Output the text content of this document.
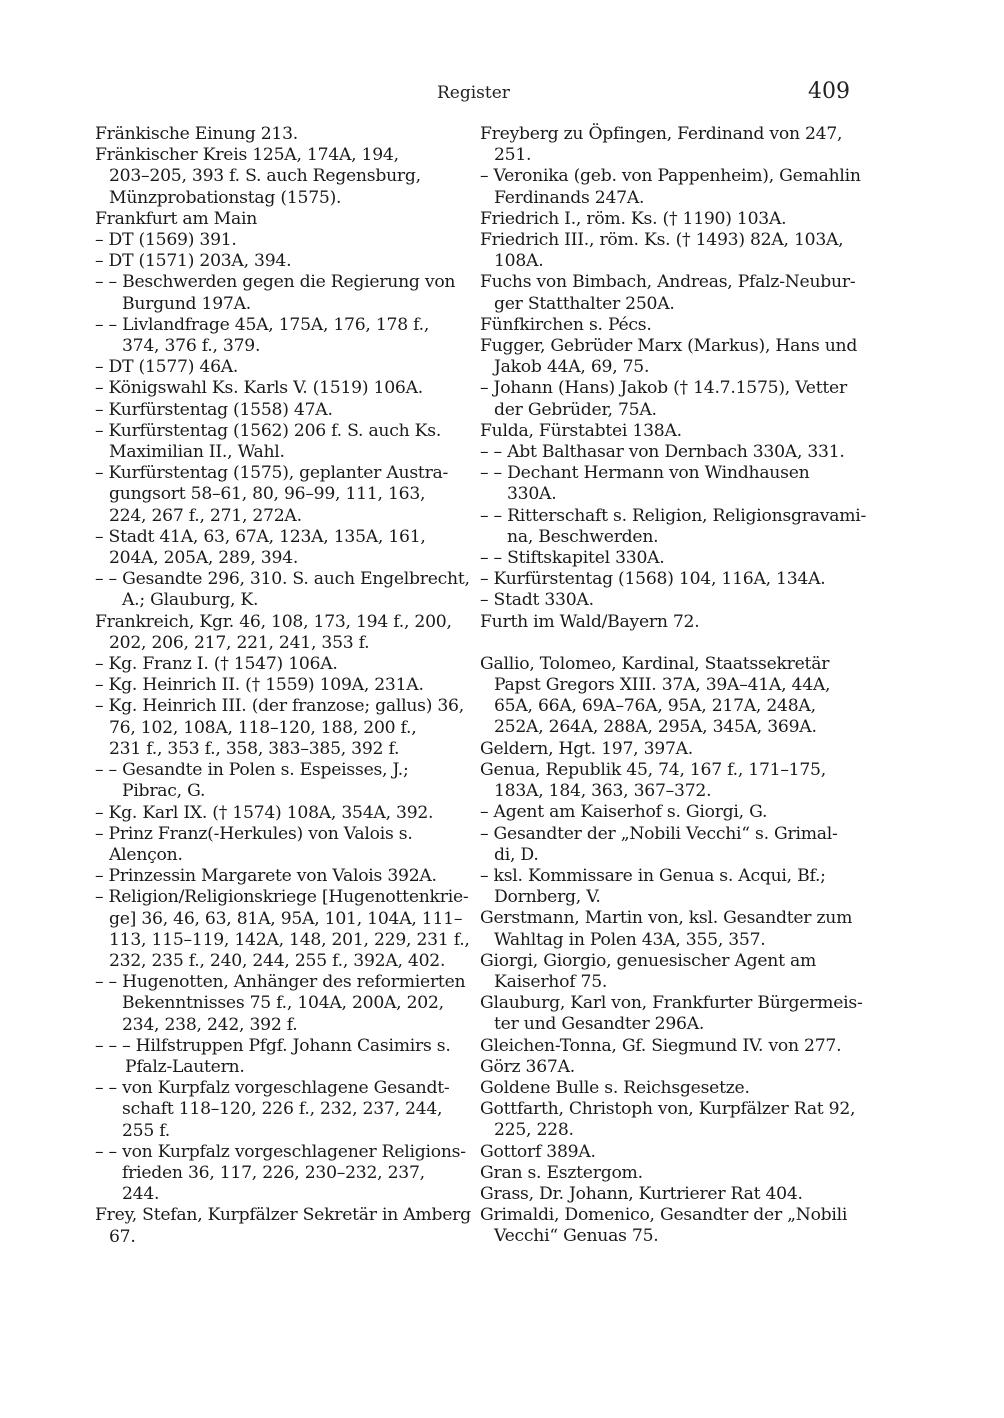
Register	409
Fränkische Einung 213.
Fränkischer Kreis 125A, 174A, 194,
203–205, 393 f. S. auch Regensburg,
Münzprobationstag (1575).
Frankfurt am Main
– DT (1569) 391.
– DT (1571) 203A, 394.
– – Beschwerden gegen die Regierung von
Burgund 197A.
– – Livlandfrage 45A, 175A, 176, 178 f.,
374, 376 f., 379.
– DT (1577) 46A.
– Königswahl Ks. Karls V. (1519) 106A.
– Kurfürstentag (1558) 47A.
– Kurfürstentag (1562) 206 f. S. auch Ks.
Maximilian II., Wahl.
– Kurfürstentag (1575), geplanter Austra-
gungsort 58–61, 80, 96–99, 111, 163,
224, 267 f., 271, 272A.
– Stadt 41A, 63, 67A, 123A, 135A, 161,
204A, 205A, 289, 394.
– – Gesandte 296, 310. S. auch Engelbrecht,
A.; Glauburg, K.
Frankreich, Kgr. 46, 108, 173, 194 f., 200,
202, 206, 217, 221, 241, 353 f.
– Kg. Franz I. († 1547) 106A.
– Kg. Heinrich II. († 1559) 109A, 231A.
– Kg. Heinrich III. (der franzose; gallus) 36,
76, 102, 108A, 118–120, 188, 200 f.,
231 f., 353 f., 358, 383–385, 392 f.
– – Gesandte in Polen s. Espeisses, J.;
Pibrac, G.
– Kg. Karl IX. († 1574) 108A, 354A, 392.
– Prinz Franz(-Herkules) von Valois s.
Alençon.
– Prinzessin Margarete von Valois 392A.
– Religion/Religionskriege [Hugenottenkrie-
ge] 36, 46, 63, 81A, 95A, 101, 104A, 111–
113, 115–119, 142A, 148, 201, 229, 231 f.,
232, 235 f., 240, 244, 255 f., 392A, 402.
– – Hugenotten, Anhänger des reformierten
Bekenntnisses 75 f., 104A, 200A, 202,
234, 238, 242, 392 f.
– – – Hilfstruppen Pfgf. Johann Casimirs s.
Pfalz-Lautern.
– – von Kurpfalz vorgeschlagene Gesandt-
schaft 118–120, 226 f., 232, 237, 244,
255 f.
– – von Kurpfalz vorgeschlagener Religions-
frieden 36, 117, 226, 230–232, 237,
244.
Frey, Stefan, Kurpfälzer Sekretär in Amberg
67.
Freyberg zu Öpfingen, Ferdinand von 247,
251.
– Veronika (geb. von Pappenheim), Gemahlin
Ferdinands 247A.
Friedrich I., röm. Ks. († 1190) 103A.
Friedrich III., röm. Ks. († 1493) 82A, 103A,
108A.
Fuchs von Bimbach, Andreas, Pfalz-Neubur-
ger Statthalter 250A.
Fünfkirchen s. Pécs.
Fugger, Gebrüder Marx (Markus), Hans und
Jakob 44A, 69, 75.
– Johann (Hans) Jakob († 14.7.1575), Vetter
der Gebrüder, 75A.
Fulda, Fürstabtei 138A.
– – Abt Balthasar von Dernbach 330A, 331.
– – Dechant Hermann von Windhausen
330A.
– – Ritterschaft s. Religion, Religionsgravami-
na, Beschwerden.
– – Stiftskapitel 330A.
– Kurfürstentag (1568) 104, 116A, 134A.
– Stadt 330A.
Furth im Wald/Bayern 72.
Gallio, Tolomeo, Kardinal, Staatssekretär
Papst Gregors XIII. 37A, 39A–41A, 44A,
65A, 66A, 69A–76A, 95A, 217A, 248A,
252A, 264A, 288A, 295A, 345A, 369A.
Geldern, Hgt. 197, 397A.
Genua, Republik 45, 74, 167 f., 171–175,
183A, 184, 363, 367–372.
– Agent am Kaiserhof s. Giorgi, G.
– Gesandter der „Nobili Vecchi“ s. Grimal-
di, D.
– ksl. Kommissare in Genua s. Acqui, Bf.;
Dornberg, V.
Gerstmann, Martin von, ksl. Gesandter zum
Wahltag in Polen 43A, 355, 357.
Giorgi, Giorgio, genuesischer Agent am
Kaiserhof 75.
Glauburg, Karl von, Frankfurter Bürgermeis-
ter und Gesandter 296A.
Gleichen-Tonna, Gf. Siegmund IV. von 277.
Görz 367A.
Goldene Bulle s. Reichsgesetze.
Gottfarth, Christoph von, Kurpfälzer Rat 92,
225, 228.
Gottorf 389A.
Gran s. Esztergom.
Grass, Dr. Johann, Kurtrierer Rat 404.
Grimaldi, Domenico, Gesandter der „Nobili
Vecchi“ Genuas 75.
